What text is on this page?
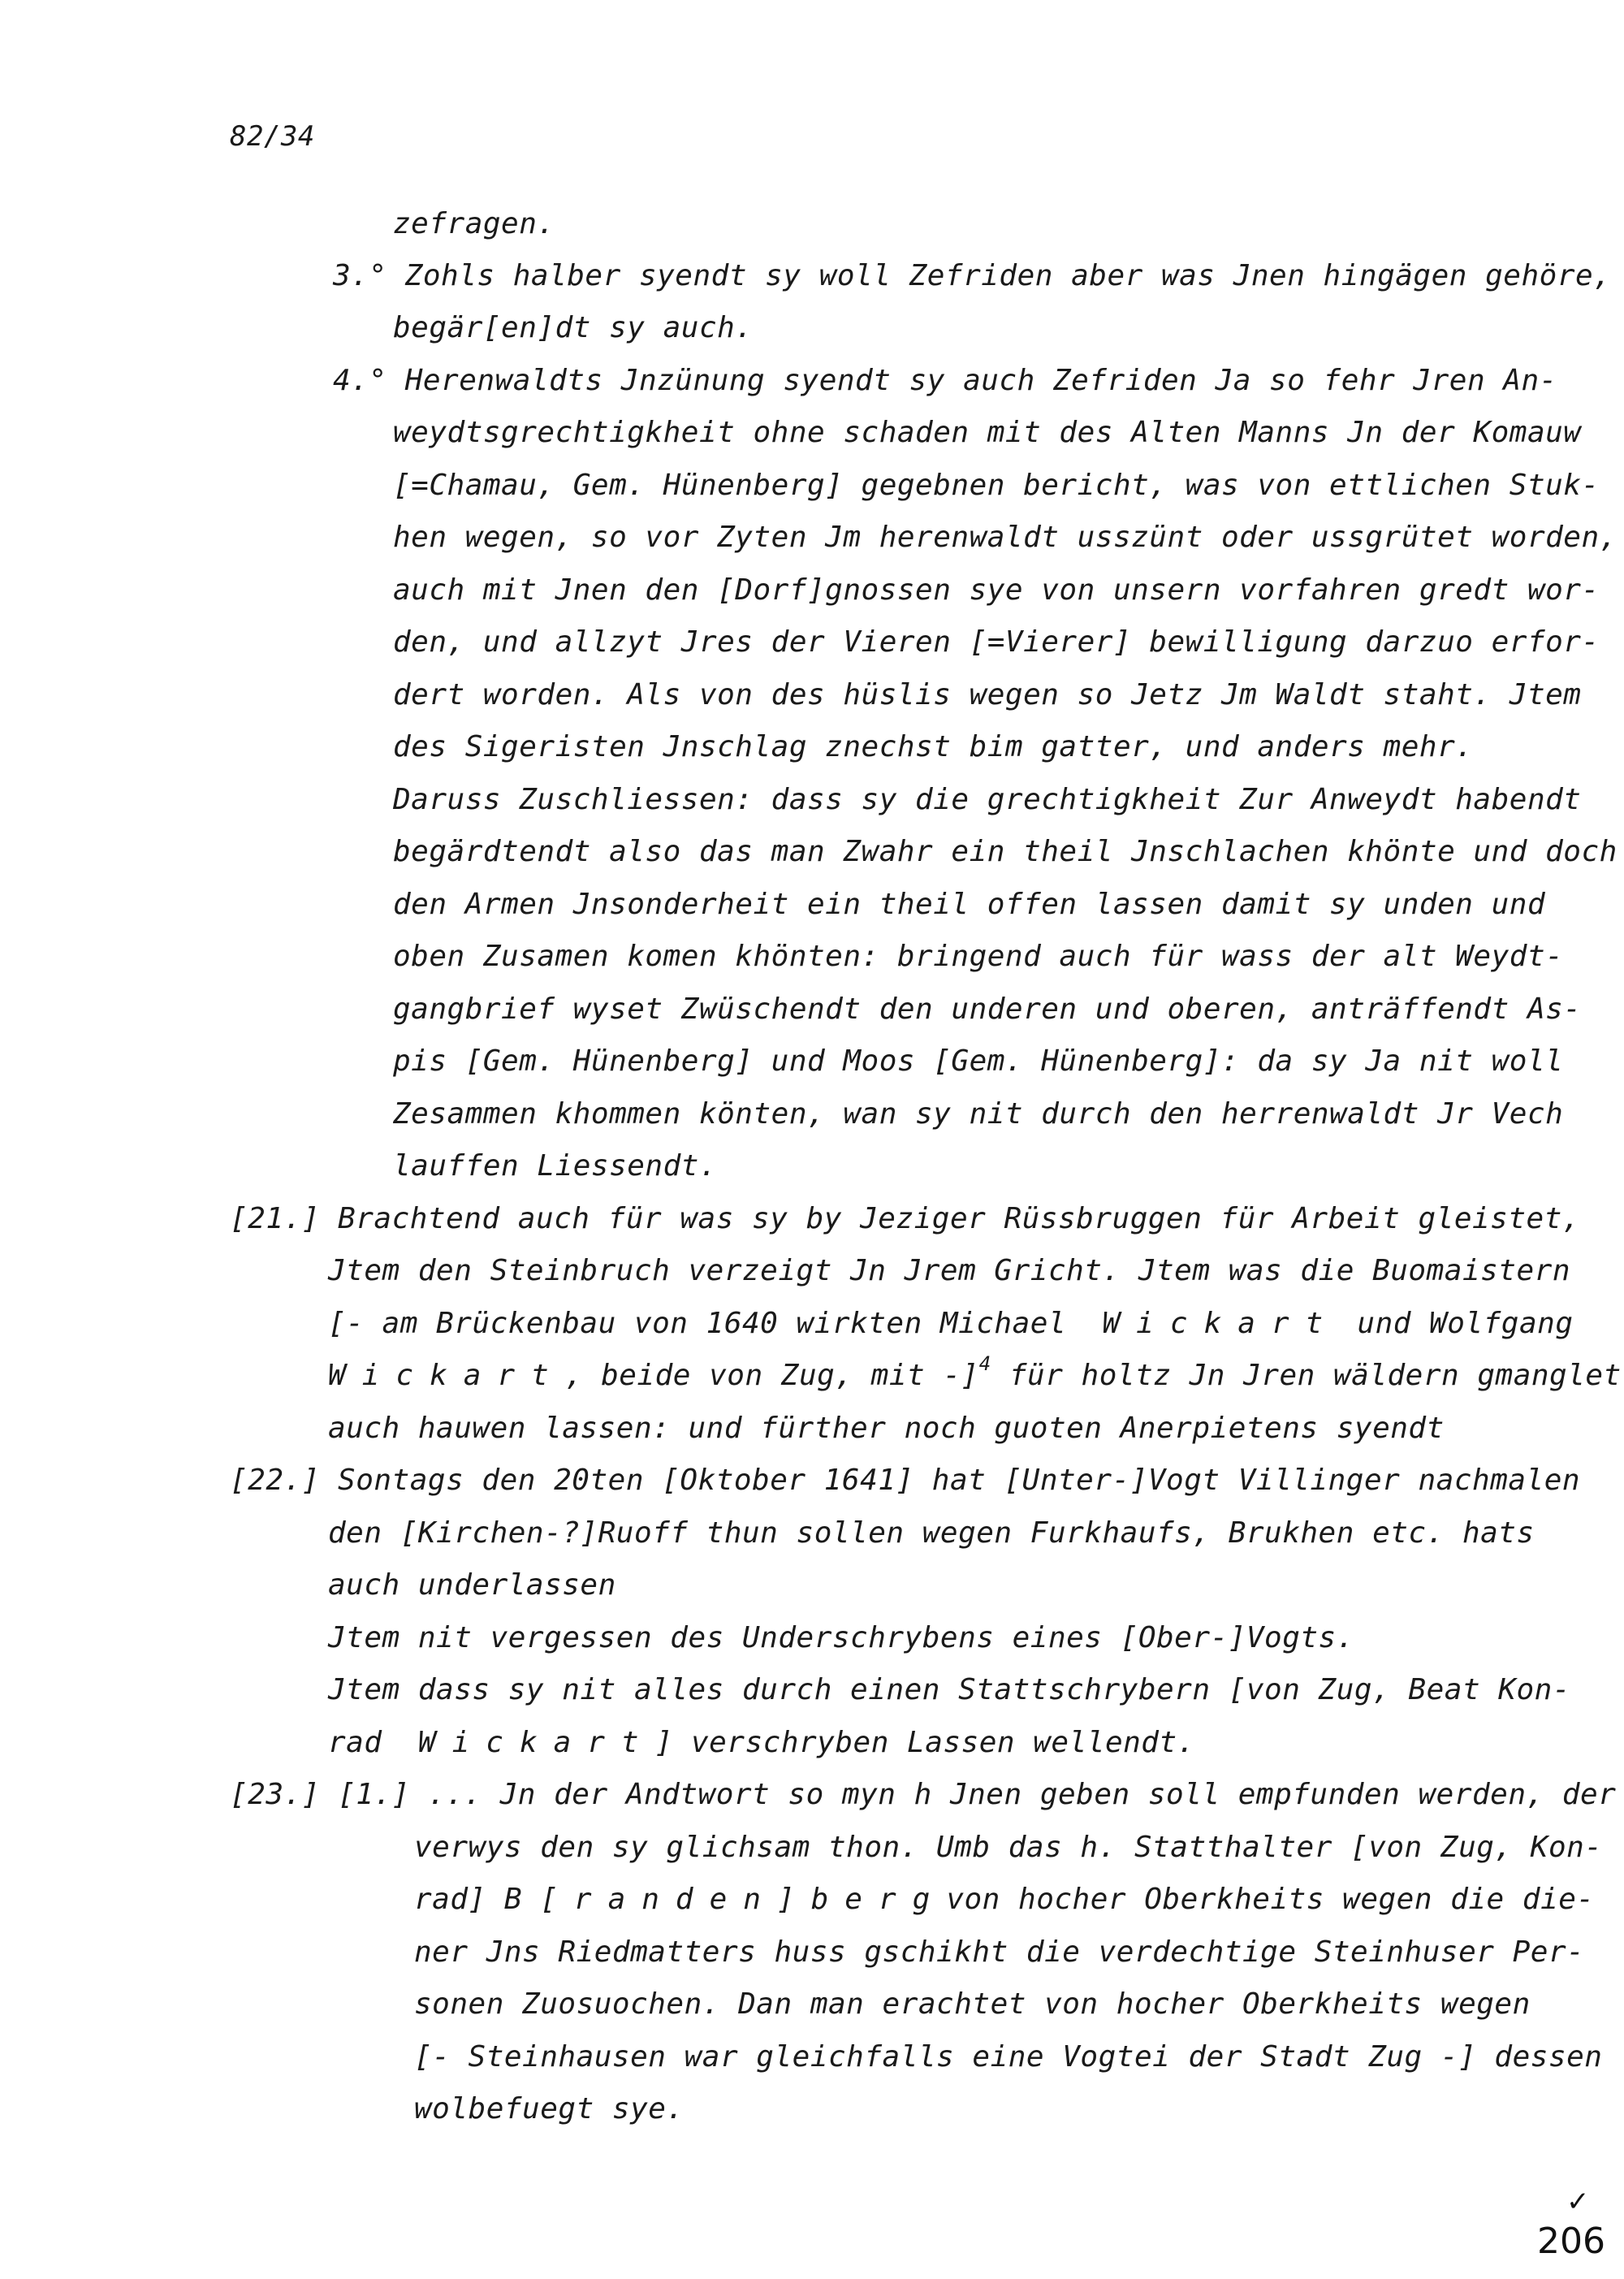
82/34
zefragen.
3.° Zohls halber syendt sy woll Zefriden aber was Jnen hingägen gehöre,
begär[en]dt sy auch.
4.° Herenwaldts Jnzünung syendt sy auch Zefriden Ja so fehr Jren An-
weydtsgrechtigkheit ohne schaden mit des Alten Manns Jn der Komauw
[=Chamau, Gem. Hünenberg] gegebnen bericht, was von ettlichen Stuk-
hen wegen, so vor Zyten Jm herenwaldt usszünt oder ussgrütet worden,
auch mit Jnen den [Dorf]gnossen sye von unsern vorfahren gredt wor-
den, und allzyt Jres der Vieren [=Vierer] bewilligung darzuo erfor-
dert worden. Als von des hüslis wegen so Jetz Jm Waldt staht. Jtem
des Sigeristen Jnschlag znechst bim gatter, und anders mehr.
Daruss Zuschliessen: dass sy die grechtigkheit Zur Anweydt habendt
begärdtendt also das man Zwahr ein theil Jnschlachen khönte und doch
den Armen Jnsonderheit ein theil offen lassen damit sy unden und
oben Zusamen komen khönten: bringend auch für wass der alt Weydt-
gangbrief wyset Zwüschendt den underen und oberen, anträffendt As-
pis [Gem. Hünenberg] und Moos [Gem. Hünenberg]: da sy Ja nit woll
Zesammen khommen könten, wan sy nit durch den herrenwaldt Jr Vech
lauffen Liessendt.
[21.] Brachtend auch für was sy by Jeziger Rüssbruggen für Arbeit gleistet,
Jtem den Steinbruch verzeigt Jn Jrem Gricht. Jtem was die Buomaistern
[- am Brückenbau von 1640 wirkten Michael Wickart und Wolfgang
Wickart, beide von Zug, mit -]$^4$ für holtz Jn Jren wäldern gmanglet
auch hauwen lassen: und fürther noch guoten Anerpietens syendt
[22.] Sontags den 20ten [Oktober 1641] hat [Unter-]Vogt Villinger nachmalen
den [Kirchen-?]Ruoff thun sollen wegen Furkhaufs, Brukhen etc. hats
auch underlassen
Jtem nit vergessen des Underschrybens eines [Ober-]Vogts.
Jtem dass sy nit alles durch einen Stattschrybern [von Zug, Beat Kon-
rad Wickart] verschryben Lassen wellendt.
[23.] [1.] ... Jn der Andtwort so myn h Jnen geben soll empfunden werden, der
verwys den sy glichsam thon. Umb das h. Statthalter [von Zug, Kon-
rad] B [randen]bergvon hocher Oberkheits wegen die die-
ner Jns Riedmatters huss gschikht die verdechtige Steinhuser Per-
sonen Zuosuochen. Dan man erachtet von hocher Oberkheits wegen
[- Steinhausen war gleichfalls eine Vogtei der Stadt Zug -] dessen
wolbefuegt sye.
✓
206
